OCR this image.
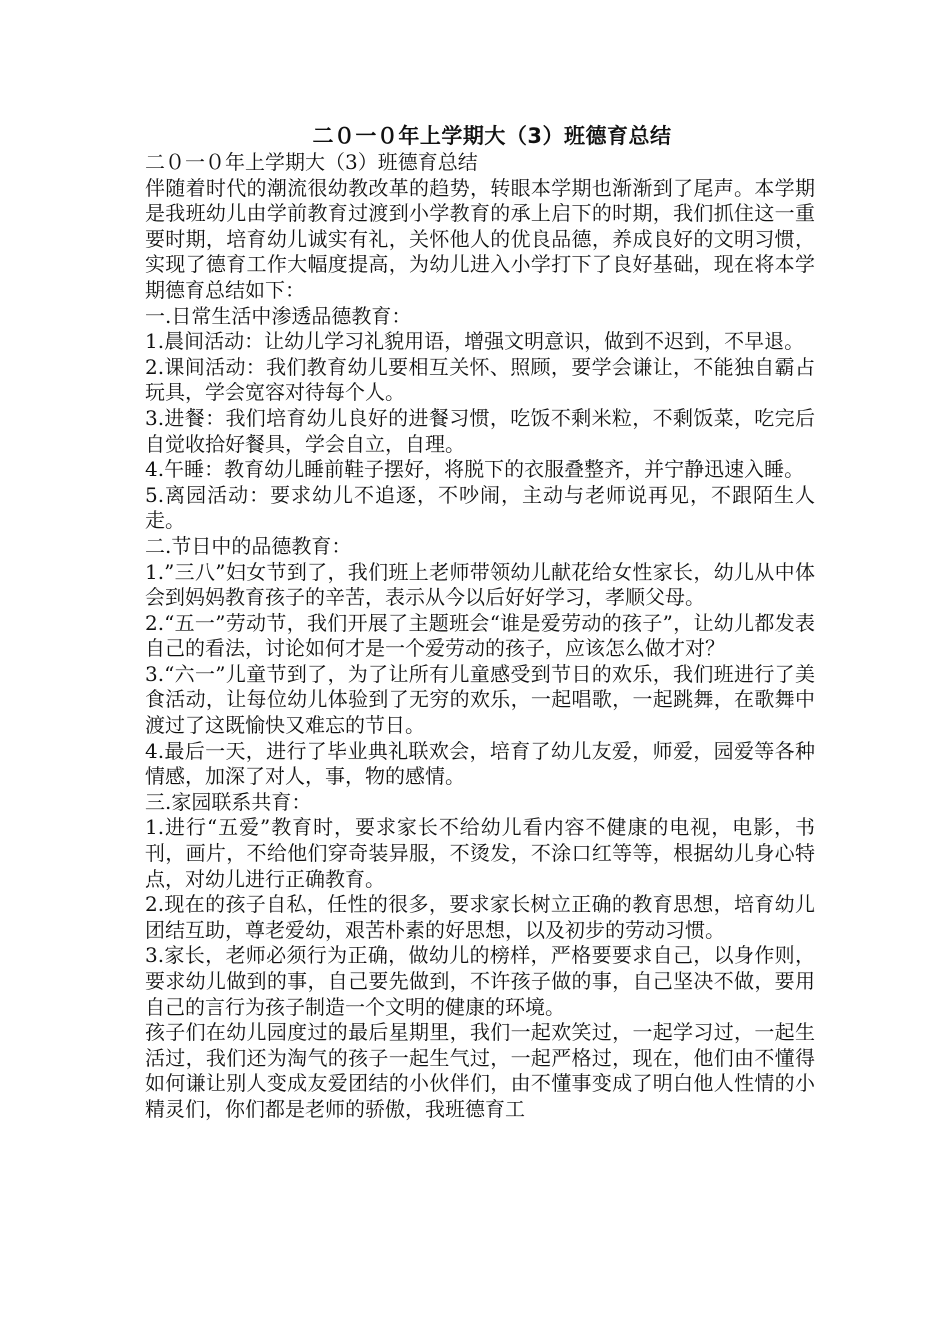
二０一０年上学期大（3）班德育总结

二０一０年上学期大（3）班德育总结

伴随着时代的潮流很幼教改革的趋势，转眼本学期也渐渐到了尾声。本学期是我班幼儿由学前教育过渡到小学教育的承上启下的时期，我们抓住这一重要时期，培育幼儿诚实有礼，关怀他人的优良品德，养成良好的文明习惯，实现了德育工作大幅度提高，为幼儿进入小学打下了良好基础，现在将本学期德育总结如下：

一.日常生活中渗透品德教育：

1.晨间活动：让幼儿学习礼貌用语，增强文明意识，做到不迟到，不早退。

2.课间活动：我们教育幼儿要相互关怀、照顾，要学会谦让，不能独自霸占玩具，学会宽容对待每个人。

3.进餐：我们培育幼儿良好的进餐习惯，吃饭不剩米粒，不剩饭菜，吃完后自觉收拾好餐具，学会自立，自理。

4.午睡：教育幼儿睡前鞋子摆好，将脱下的衣服叠整齐，并宁静迅速入睡。

5.离园活动：要求幼儿不追逐，不吵闹，主动与老师说再见，不跟陌生人走。

二.节日中的品德教育：

1.”三八”妇女节到了，我们班上老师带领幼儿献花给女性家长，幼儿从中体会到妈妈教育孩子的辛苦，表示从今以后好好学习，孝顺父母。

2.“五一”劳动节，我们开展了主题班会“谁是爱劳动的孩子”，让幼儿都发表自己的看法，讨论如何才是一个爱劳动的孩子，应该怎么做才对？

3.“六一”儿童节到了，为了让所有儿童感受到节日的欢乐，我们班进行了美食活动，让每位幼儿体验到了无穷的欢乐，一起唱歌，一起跳舞，在歌舞中渡过了这既愉快又难忘的节日。

4.最后一天，进行了毕业典礼联欢会，培育了幼儿友爱，师爱，园爱等各种情感，加深了对人，事，物的感情。

三.家园联系共育：

1.进行“五爱”教育时，要求家长不给幼儿看内容不健康的电视，电影，书刊，画片，不给他们穿奇装异服，不烫发，不涂口红等等，根据幼儿身心特点，对幼儿进行正确教育。

2.现在的孩子自私，任性的很多，要求家长树立正确的教育思想，培育幼儿团结互助，尊老爱幼，艰苦朴素的好思想，以及初步的劳动习惯。

3.家长，老师必须行为正确，做幼儿的榜样，严格要要求自己，以身作则，要求幼儿做到的事，自己要先做到，不许孩子做的事，自己坚决不做，要用自己的言行为孩子制造一个文明的健康的环境。

孩子们在幼儿园度过的最后星期里，我们一起欢笑过，一起学习过，一起生活过，我们还为淘气的孩子一起生气过，一起严格过，现在，他们由不懂得如何谦让别人变成友爱团结的小伙伴们，由不懂事变成了明白他人性情的小精灵们，你们都是老师的骄傲，我班德育工
